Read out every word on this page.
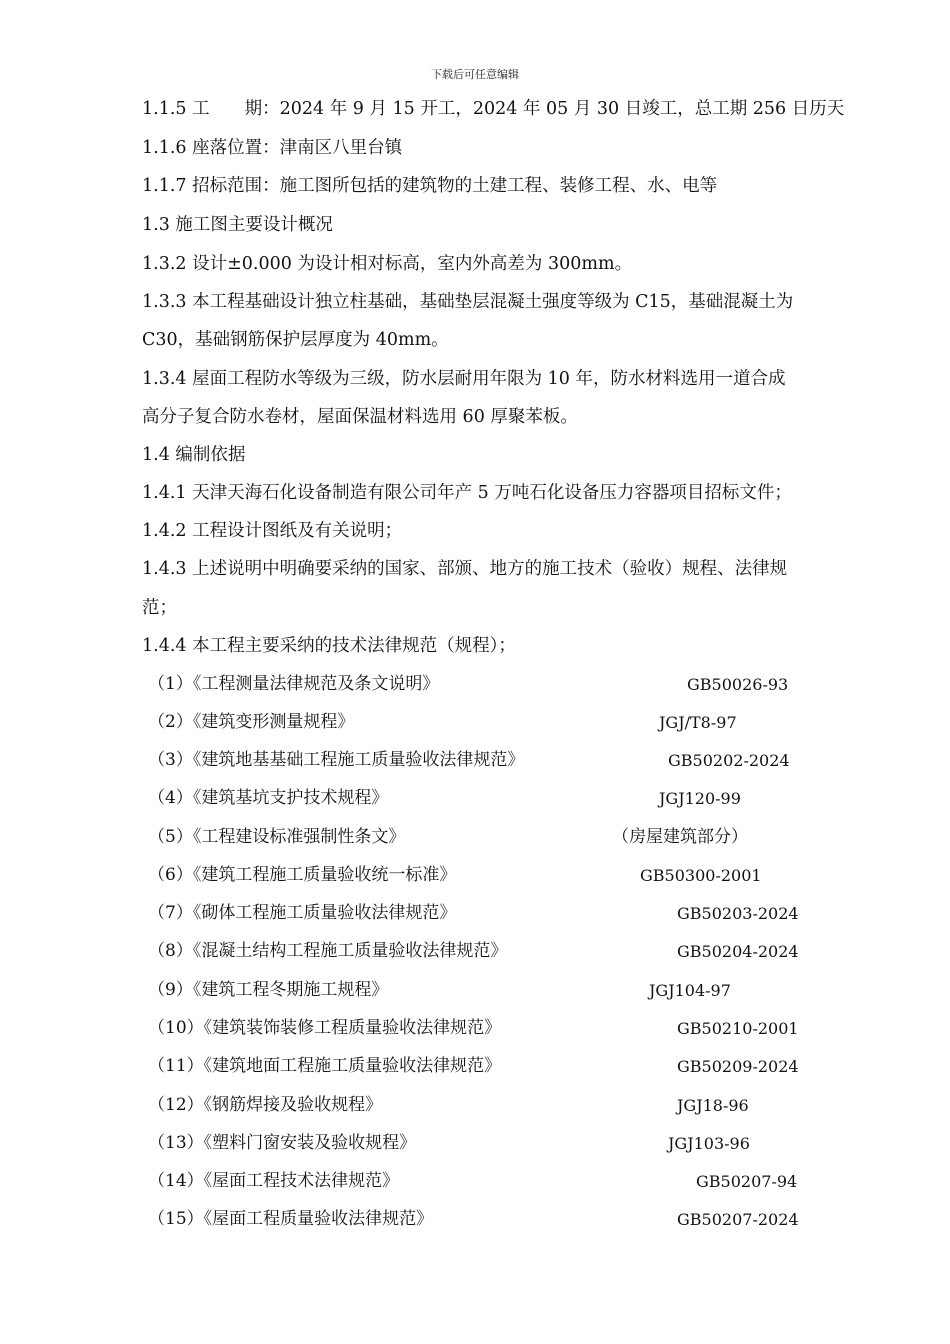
下载后可任意编辑
1.1.5 工　　期：2024 年 9 月 15 开工，2024 年 05 月 30 日竣工，总工期 256 日历天
1.1.6 座落位置：津南区八里台镇
1.1.7 招标范围：施工图所包括的建筑物的土建工程、装修工程、水、电等
1.3 施工图主要设计概况
1.3.2 设计±0.000 为设计相对标高，室内外高差为 300mm。
1.3.3 本工程基础设计独立柱基础，基础垫层混凝土强度等级为 C15，基础混凝土为
C30，基础钢筋保护层厚度为 40mm。
1.3.4 屋面工程防水等级为三级，防水层耐用年限为 10 年，防水材料选用一道合成
高分子复合防水卷材，屋面保温材料选用 60 厚聚苯板。
1.4 编制依据
1.4.1 天津天海石化设备制造有限公司年产 5 万吨石化设备压力容器项目招标文件；
1.4.2 工程设计图纸及有关说明；
1.4.3 上述说明中明确要采纳的国家、部颁、地方的施工技术（验收）规程、法律规
范；
1.4.4 本工程主要采纳的技术法律规范（规程）；
（1）《工程测量法律规范及条文说明》	GB50026-93
（2）《建筑变形测量规程》	JGJ/T8-97
（3）《建筑地基基础工程施工质量验收法律规范》	GB50202-2024
（4）《建筑基坑支护技术规程》	JGJ120-99
（5）《工程建设标准强制性条文》	（房屋建筑部分）
（6）《建筑工程施工质量验收统一标准》	GB50300-2001
（7）《砌体工程施工质量验收法律规范》	GB50203-2024
（8）《混凝土结构工程施工质量验收法律规范》	GB50204-2024
（9）《建筑工程冬期施工规程》	JGJ104-97
（10）《建筑装饰装修工程质量验收法律规范》	GB50210-2001
（11）《建筑地面工程施工质量验收法律规范》	GB50209-2024
（12）《钢筋焊接及验收规程》	JGJ18-96
（13）《塑料门窗安装及验收规程》	JGJ103-96
（14）《屋面工程技术法律规范》	GB50207-94
（15）《屋面工程质量验收法律规范》	GB50207-2024
